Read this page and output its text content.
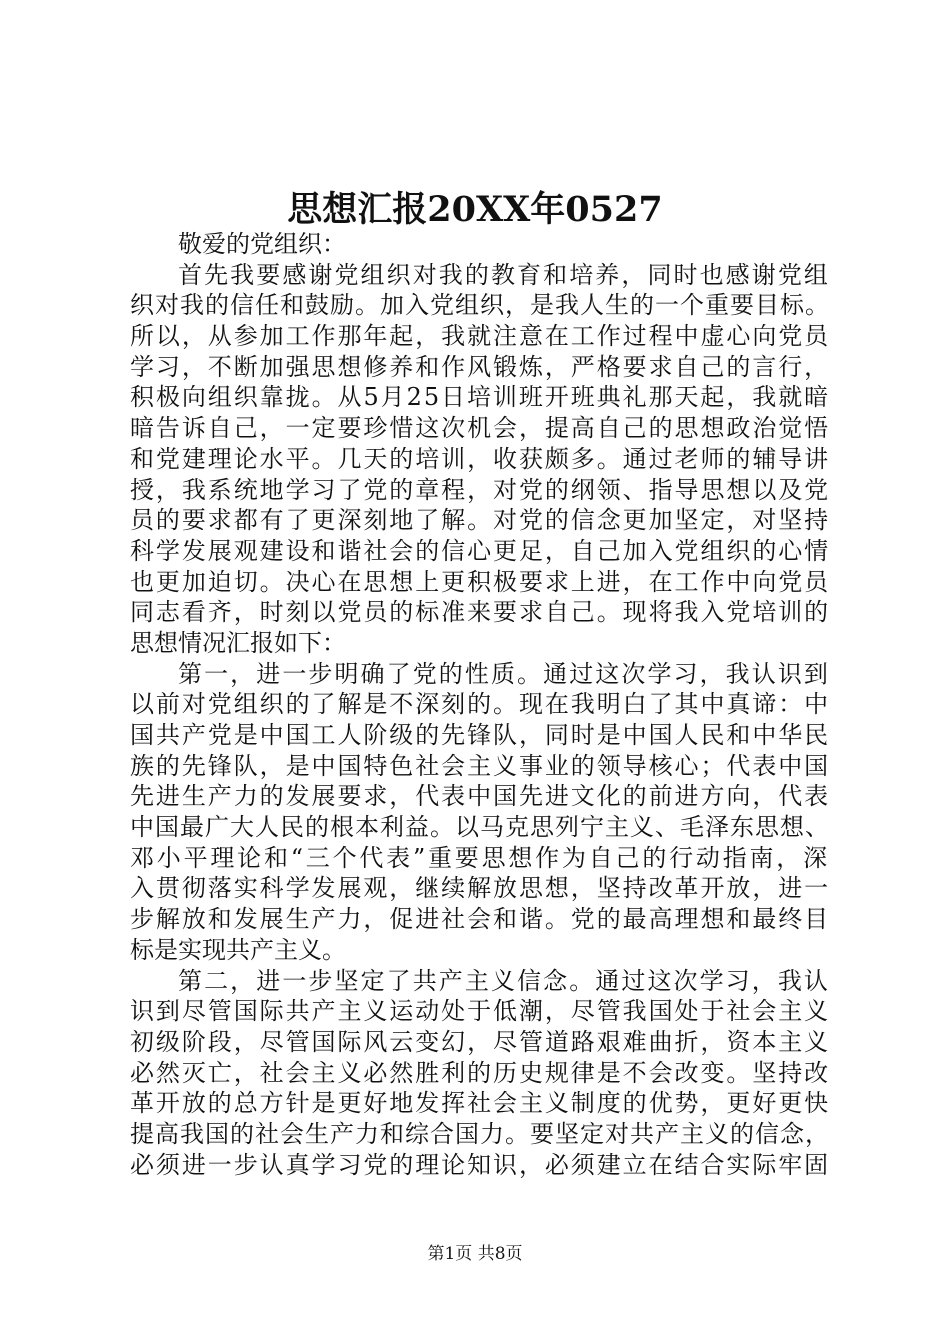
思想汇报20XX年0527
敬爱的党组织：
首先我要感谢党组织对我的教育和培养，同时也感谢党组
织对我的信任和鼓励。加入党组织，是我人生的一个重要目标。
所以，从参加工作那年起，我就注意在工作过程中虚心向党员
学习，不断加强思想修养和作风锻炼，严格要求自己的言行，
积极向组织靠拢。从5月25日培训班开班典礼那天起，我就暗
暗告诉自己，一定要珍惜这次机会，提高自己的思想政治觉悟
和党建理论水平。几天的培训，收获颇多。通过老师的辅导讲
授，我系统地学习了党的章程，对党的纲领、指导思想以及党
员的要求都有了更深刻地了解。对党的信念更加坚定，对坚持
科学发展观建设和谐社会的信心更足，自己加入党组织的心情
也更加迫切。决心在思想上更积极要求上进，在工作中向党员
同志看齐，时刻以党员的标准来要求自己。现将我入党培训的
思想情况汇报如下：
第一，进一步明确了党的性质。通过这次学习，我认识到
以前对党组织的了解是不深刻的。现在我明白了其中真谛：中
国共产党是中国工人阶级的先锋队，同时是中国人民和中华民
族的先锋队，是中国特色社会主义事业的领导核心；代表中国
先进生产力的发展要求，代表中国先进文化的前进方向，代表
中国最广大人民的根本利益。以马克思列宁主义、毛泽东思想、
邓小平理论和“三个代表”重要思想作为自己的行动指南，深
入贯彻落实科学发展观，继续解放思想，坚持改革开放，进一
步解放和发展生产力，促进社会和谐。党的最高理想和最终目
标是实现共产主义。
第二，进一步坚定了共产主义信念。通过这次学习，我认
识到尽管国际共产主义运动处于低潮，尽管我国处于社会主义
初级阶段，尽管国际风云变幻，尽管道路艰难曲折，资本主义
必然灭亡，社会主义必然胜利的历史规律是不会改变。坚持改
革开放的总方针是更好地发挥社会主义制度的优势，更好更快
提高我国的社会生产力和综合国力。要坚定对共产主义的信念，
必须进一步认真学习党的理论知识，必须建立在结合实际牢固
第1页 共8页
